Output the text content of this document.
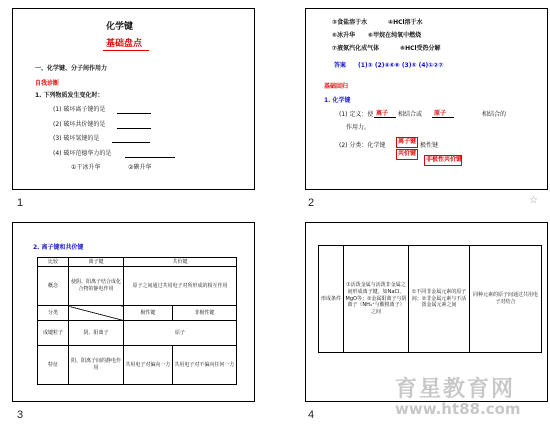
化学键
基础盘点
一、化学键、分子间作用力
自我诊断
1. 下列物质发生变化时：
(1) 破坏离子键的是
(2) 破坏共价键的是
(3) 破坏氢键的是
(4) 破坏范德华力的是
①干冰升华	②碘升华
1
③食盐溶于水	④HCl溶于水
⑤冰升华 ⑥甲烷在纯氧中燃烧
⑦液氨汽化成气体	⑧HCl受热分解
答案 (1)③ (2)④⑥⑧ (3)⑤ (4)①②⑦
基础回归
1. 化学键
(1) 定义：使 离子 相结合或 原子	相结合的
作用力。
(2) 分类：化学键
离子键
共价键
极性键
非极性共价键
2	☆
2. 离子键和共价键
比较	离子键	共价键	
概念	使阴、阳离子结合成化合物的静电作用	原子之间通过共用电子对所形成的相互作用	
分类		极性键	非极性键
成键粒子	阴、阳离子	原子	
特征	阴、阳离子间的静电作用	共用电子对偏向一方	共用电子对不偏向任何一方
3
形成条件	①活泼金属与活泼非金属之间形成离子键，如NaCl、MgO等；②金属阳离子与阴离子（NH₄⁺与酸根离子）之间	①不同非金属元素的原子间；②非金属元素与不活泼金属元素之间	同种元素的原子间通过共用电子对结合
4
育星教育网
www.ht88.com
